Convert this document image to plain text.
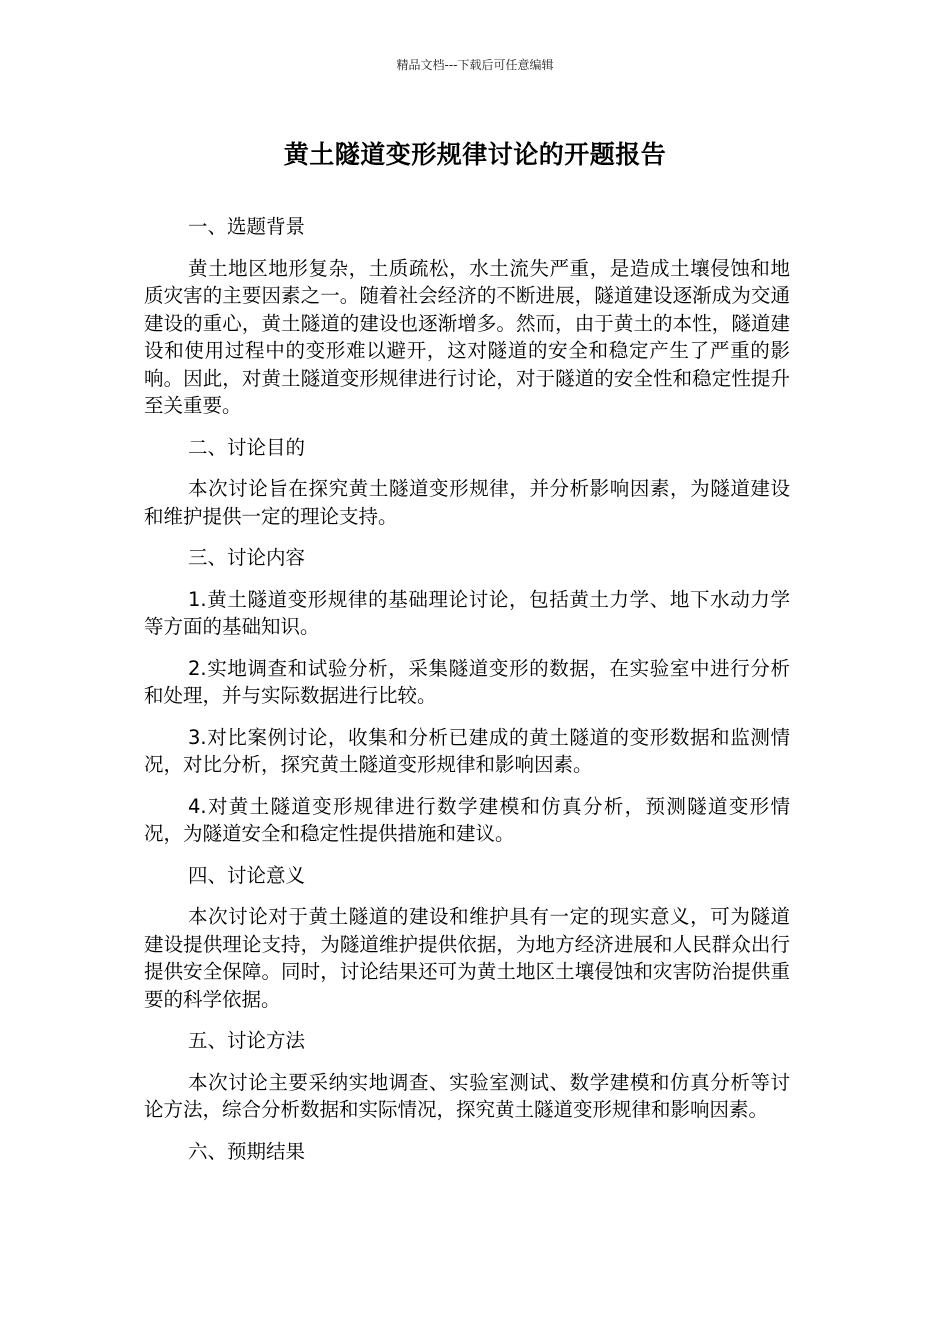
精品文档---下载后可任意编辑
黄土隧道变形规律讨论的开题报告

一、选题背景

黄土地区地形复杂，土质疏松，水土流失严重，是造成土壤侵蚀和地质灾害的主要因素之一。随着社会经济的不断进展，隧道建设逐渐成为交通建设的重心，黄土隧道的建设也逐渐增多。然而，由于黄土的本性，隧道建设和使用过程中的变形难以避开，这对隧道的安全和稳定产生了严重的影响。因此，对黄土隧道变形规律进行讨论，对于隧道的安全性和稳定性提升至关重要。

二、讨论目的

本次讨论旨在探究黄土隧道变形规律，并分析影响因素，为隧道建设和维护提供一定的理论支持。

三、讨论内容

1.黄土隧道变形规律的基础理论讨论，包括黄土力学、地下水动力学等方面的基础知识。

2.实地调查和试验分析，采集隧道变形的数据，在实验室中进行分析和处理，并与实际数据进行比较。

3.对比案例讨论，收集和分析已建成的黄土隧道的变形数据和监测情况，对比分析，探究黄土隧道变形规律和影响因素。

4.对黄土隧道变形规律进行数学建模和仿真分析，预测隧道变形情况，为隧道安全和稳定性提供措施和建议。

四、讨论意义

本次讨论对于黄土隧道的建设和维护具有一定的现实意义，可为隧道建设提供理论支持，为隧道维护提供依据，为地方经济进展和人民群众出行提供安全保障。同时，讨论结果还可为黄土地区土壤侵蚀和灾害防治提供重要的科学依据。

五、讨论方法

本次讨论主要采纳实地调查、实验室测试、数学建模和仿真分析等讨论方法，综合分析数据和实际情况，探究黄土隧道变形规律和影响因素。

六、预期结果
